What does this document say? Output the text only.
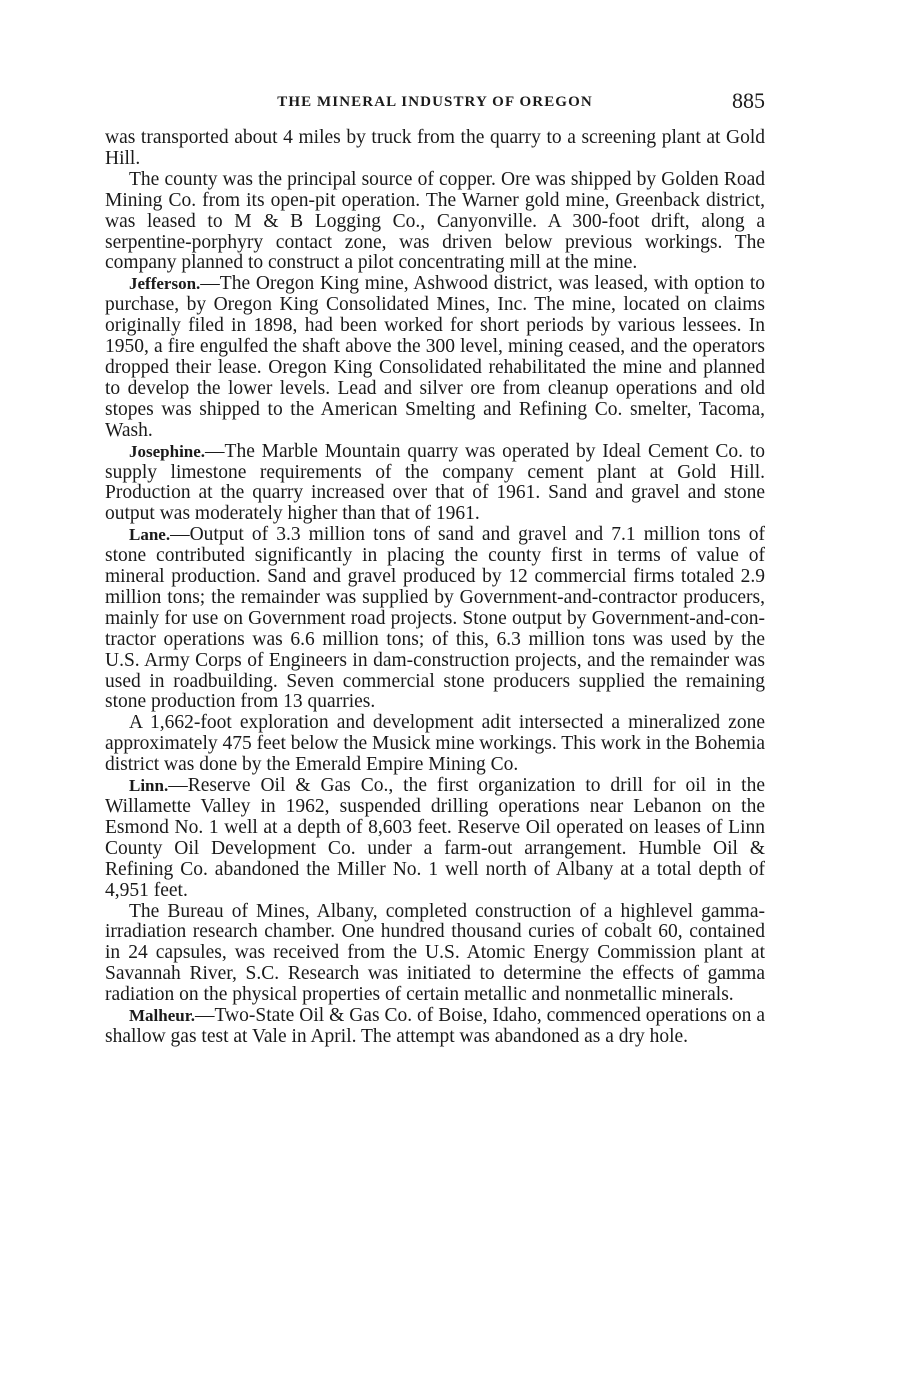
THE MINERAL INDUSTRY OF OREGON	885

was transported about 4 miles by truck from the quarry to a screening plant at Gold Hill.

The county was the principal source of copper. Ore was shipped by Golden Road Mining Co. from its open-pit operation. The Warner gold mine, Greenback district, was leased to M & B Logging Co., Canyonville. A 300-foot drift, along a serpentine-porphyry contact zone, was driven below previous workings. The company planned to construct a pilot concentrating mill at the mine.

Jefferson.—The Oregon King mine, Ashwood district, was leased, with option to purchase, by Oregon King Consolidated Mines, Inc. The mine, located on claims originally filed in 1898, had been worked for short periods by various lessees. In 1950, a fire engulfed the shaft above the 300 level, mining ceased, and the operators dropped their lease. Oregon King Consolidated rehabilitated the mine and planned to develop the lower levels. Lead and silver ore from cleanup operations and old stopes was shipped to the American Smelting and Refining Co. smelter, Tacoma, Wash.

Josephine.—The Marble Mountain quarry was operated by Ideal Cement Co. to supply limestone requirements of the company cement plant at Gold Hill. Production at the quarry increased over that of 1961. Sand and gravel and stone output was moderately higher than that of 1961.

Lane.—Output of 3.3 million tons of sand and gravel and 7.1 million tons of stone contributed significantly in placing the county first in terms of value of mineral production. Sand and gravel produced by 12 commercial firms totaled 2.9 million tons; the remainder was supplied by Government-and-contractor producers, mainly for use on Government road projects. Stone output by Government-and-contractor operations was 6.6 million tons; of this, 6.3 million tons was used by the U.S. Army Corps of Engineers in dam-construction projects, and the remainder was used in roadbuilding. Seven commercial stone producers supplied the remaining stone production from 13 quarries.

A 1,662-foot exploration and development adit intersected a mineralized zone approximately 475 feet below the Musick mine workings. This work in the Bohemia district was done by the Emerald Empire Mining Co.

Linn.—Reserve Oil & Gas Co., the first organization to drill for oil in the Willamette Valley in 1962, suspended drilling operations near Lebanon on the Esmond No. 1 well at a depth of 8,603 feet. Reserve Oil operated on leases of Linn County Oil Development Co. under a farm-out arrangement. Humble Oil & Refining Co. abandoned the Miller No. 1 well north of Albany at a total depth of 4,951 feet.

The Bureau of Mines, Albany, completed construction of a highlevel gamma-irradiation research chamber. One hundred thousand curies of cobalt 60, contained in 24 capsules, was received from the U.S. Atomic Energy Commission plant at Savannah River, S.C. Research was initiated to determine the effects of gamma radiation on the physical properties of certain metallic and nonmetallic minerals.

Malheur.—Two-State Oil & Gas Co. of Boise, Idaho, commenced operations on a shallow gas test at Vale in April. The attempt was abandoned as a dry hole.
